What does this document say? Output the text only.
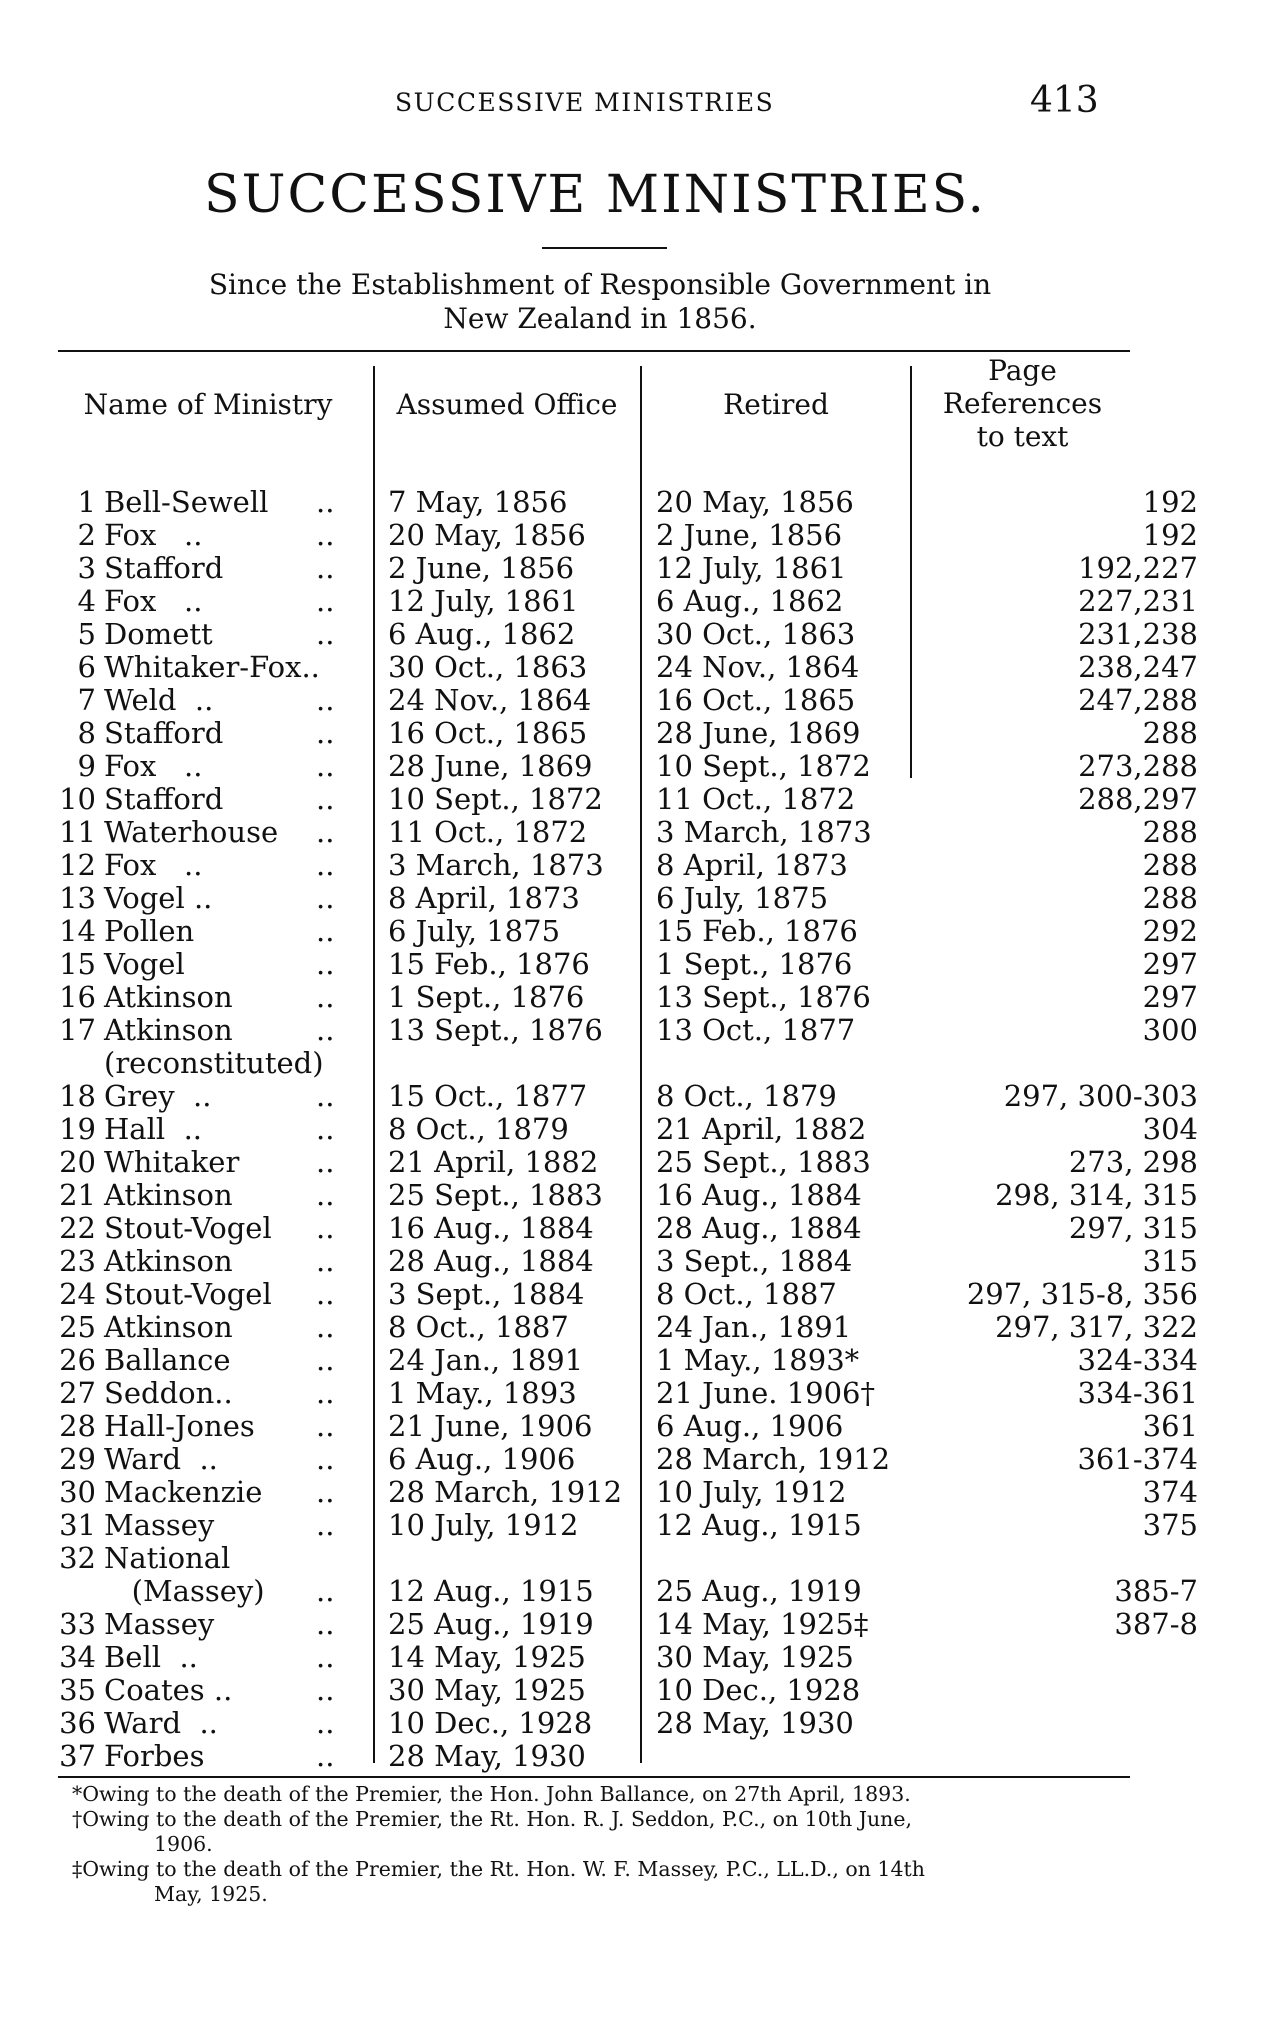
SUCCESSIVE MINISTRIES	413
SUCCESSIVE MINISTRIES.
Since the Establishment of Responsible Government in
New Zealand in 1856.
Name of Ministry	Assumed Office	Retired
Page
References
to text
1 Bell-Sewell .. 7 May, 1856	20 May, 1856	192
2 Fox   ..	.. 20 May, 1856	2 June, 1856	192
3 Stafford	.. 2 June, 1856	12 July, 1861	192,227
4 Fox   ..	.. 12 July, 1861	6 Aug., 1862	227,231
5 Domett	.. 6 Aug., 1862	30 Oct., 1863	231,238
6 Whitaker-Fox.. 30 Oct., 1863	24 Nov., 1864	238,247
7 Weld  ..	.. 24 Nov., 1864	16 Oct., 1865	247,288
8 Stafford	.. 16 Oct., 1865	28 June, 1869	288
9 Fox   ..	.. 28 June, 1869	10 Sept., 1872	273,288
10 Stafford	.. 10 Sept., 1872	11 Oct., 1872	288,297
11 Waterhouse .. 11 Oct., 1872	3 March, 1873	288
12 Fox   ..	.. 3 March, 1873	8 April, 1873	288
13 Vogel ..	.. 8 April, 1873	6 July, 1875	288
14 Pollen	.. 6 July, 1875	15 Feb., 1876	292
15 Vogel	.. 15 Feb., 1876	1 Sept., 1876	297
16 Atkinson	.. 1 Sept., 1876	13 Sept., 1876	297
17 Atkinson	.. 13 Sept., 1876	13 Oct., 1877	300
(reconstituted)
18 Grey  ..	.. 15 Oct., 1877	8 Oct., 1879	297, 300-303
19 Hall  ..	.. 8 Oct., 1879	21 April, 1882	304
20 Whitaker	.. 21 April, 1882	25 Sept., 1883	273, 298
21 Atkinson	.. 25 Sept., 1883	16 Aug., 1884	298, 314, 315
22 Stout-Vogel .. 16 Aug., 1884	28 Aug., 1884	297, 315
23 Atkinson	.. 28 Aug., 1884	3 Sept., 1884	315
24 Stout-Vogel .. 3 Sept., 1884	8 Oct., 1887	297, 315-8, 356
25 Atkinson	.. 8 Oct., 1887	24 Jan., 1891	297, 317, 322
26 Ballance	.. 24 Jan., 1891	1 May., 1893*	324-334
27 Seddon..	.. 1 May., 1893	21 June. 1906†	334-361
28 Hall-Jones .. 21 June, 1906	6 Aug., 1906	361
29 Ward  ..	.. 6 Aug., 1906	28 March, 1912	361-374
30 Mackenzie .. 28 March, 1912	10 July, 1912	374
31 Massey	.. 10 July, 1912	12 Aug., 1915	375
32 National
(Massey) .. 12 Aug., 1915	25 Aug., 1919	385-7
33 Massey	.. 25 Aug., 1919	14 May, 1925‡	387-8
34 Bell  ..	.. 14 May, 1925	30 May, 1925
35 Coates ..	.. 30 May, 1925	10 Dec., 1928
36 Ward  ..	.. 10 Dec., 1928	28 May, 1930
37 Forbes	.. 28 May, 1930
*Owing to the death of the Premier, the Hon. John Ballance, on 27th April, 1893.
†Owing to the death of the Premier, the Rt. Hon. R. J. Seddon, P.C., on 10th June,
1906.
‡Owing to the death of the Premier, the Rt. Hon. W. F. Massey, P.C., LL.D., on 14th
May, 1925.
